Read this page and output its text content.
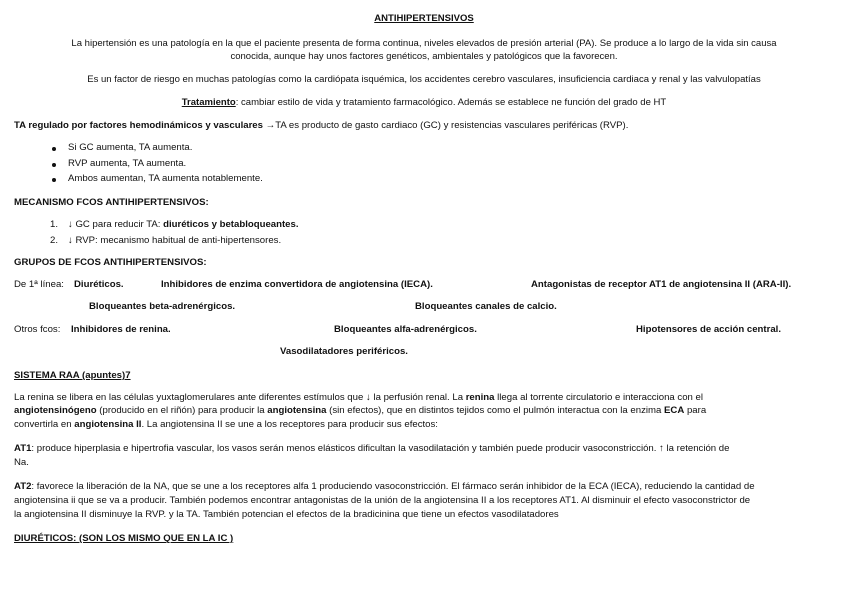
ANTIHIPERTENSIVOS
La hipertensión es una patología en la que el paciente presenta de forma continua, niveles elevados de presión arterial (PA). Se produce a lo largo de la vida sin causa
conocida, aunque hay unos factores genéticos, ambientales y patológicos que la favorecen.
Es un factor de riesgo en muchas patologías como la cardiópata isquémica, los accidentes cerebro vasculares, insuficiencia cardiaca y renal y las valvulopatías
Tratamiento: cambiar estilo de vida y tratamiento farmacológico. Además se establece ne función del grado de HT
TA regulado por factores hemodinámicos y vasculares →TA es producto de gasto cardiaco (GC) y resistencias vasculares periféricas (RVP).
Si GC aumenta, TA aumenta.
RVP aumenta, TA aumenta.
Ambos aumentan, TA aumenta notablemente.
MECANISMO FCOS ANTIHIPERTENSIVOS:
1. ↓ GC para reducir TA: diuréticos y betabloqueantes.
2. ↓ RVP: mecanismo habitual de anti-hipertensores.
GRUPOS DE FCOS ANTIHIPERTENSIVOS:
De 1ª línea: Diuréticos.	Inhibidores de enzima convertidora de angiotensina (IECA).	Antagonistas de receptor AT1 de angiotensina II (ARA-II).
Bloqueantes beta-adrenérgicos.	Bloqueantes canales de calcio.
Otros fcos: Inhibidores de renina.	Bloqueantes alfa-adrenérgicos.	Hipotensores de acción central.
Vasodilatadores periféricos.
SISTEMA RAA (apuntes)7
La renina se libera en las células yuxtaglomerulares ante diferentes estímulos que ↓ la perfusión renal. La renina llega al torrente circulatorio e interacciona con el
angiotensinógeno (producido en el riñón) para producir la angiotensina (sin efectos), que en distintos tejidos como el pulmón interactua con la enzima ECA para
convertirla en angiotensina II. La angiotensina II se une a los receptores para producir sus efectos:
AT1: produce hiperplasia e hipertrofia vascular, los vasos serán menos elásticos dificultan la vasodilatación y también puede producir vasoconstricción. ↑ la retención de
Na.
AT2: favorece la liberación de la NA, que se une a los receptores alfa 1 produciendo vasoconstricción. El fármaco serán inhibidor de la ECA (IECA), reduciendo la cantidad de
angiotensina ii que se va a producir. También podemos encontrar antagonistas de la unión de la angiotensina II a los receptores AT1. Al disminuir el efecto vasoconstrictor de
la angiotensina II disminuye la RVP. y la TA. También potencian el efectos de la bradicinina que tiene un efectos vasodilatadores
DIURÉTICOS: (SON LOS MISMO QUE EN LA IC )
